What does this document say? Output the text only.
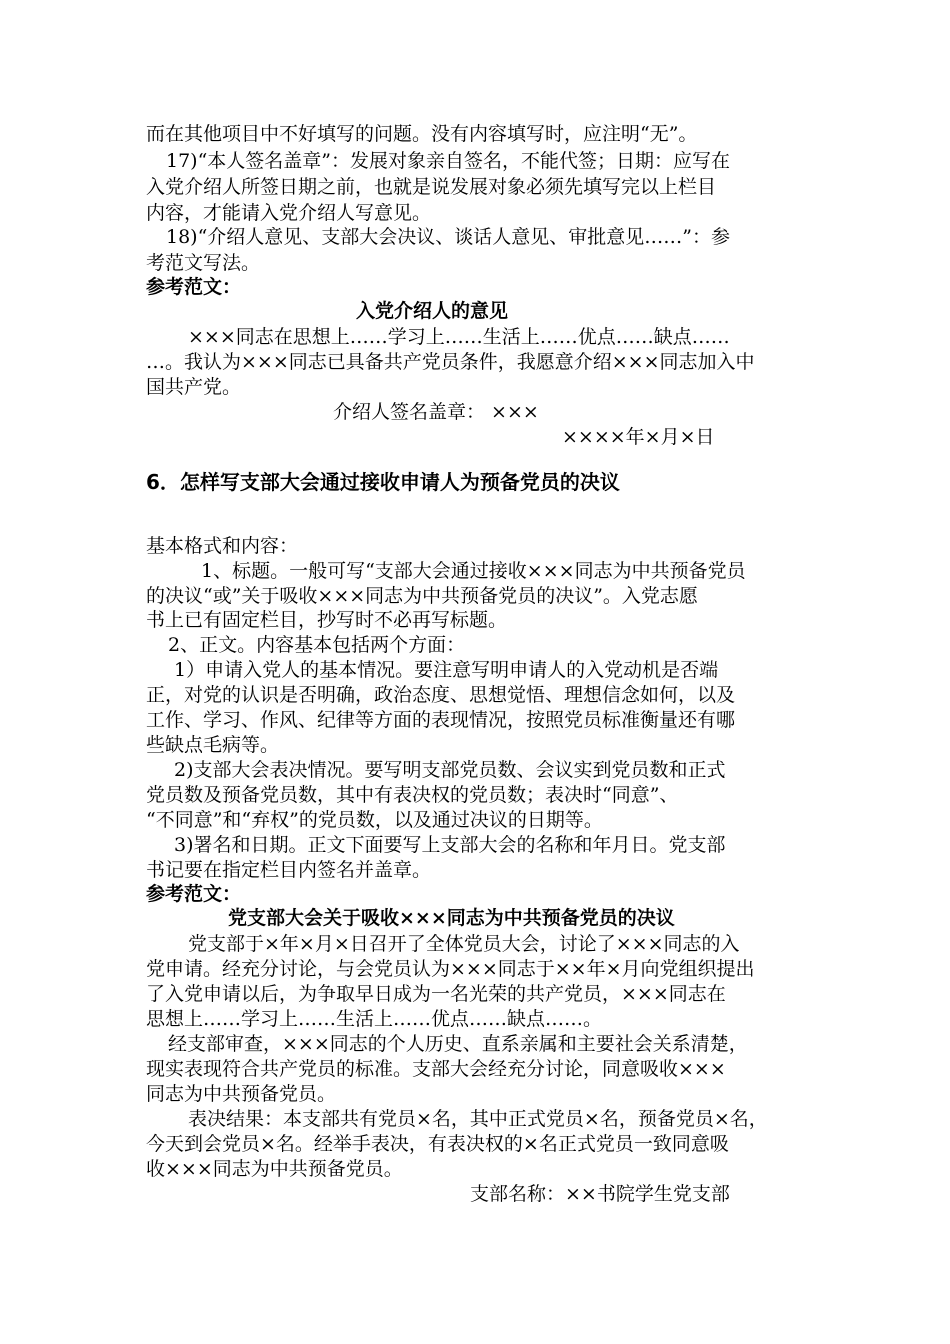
而在其他项目中不好填写的问题。没有内容填写时，应注明“无”。
17)“本人签名盖章”：发展对象亲自签名，不能代签；日期：应写在
入党介绍人所签日期之前，也就是说发展对象必须先填写完以上栏目
内容，才能请入党介绍人写意见。
18)“介绍人意见、支部大会决议、谈话人意见、审批意见……”：参
考范文写法。
参考范文：
入党介绍人的意见
×××同志在思想上……学习上……生活上……优点……缺点……
…。我认为×××同志已具备共产党员条件，我愿意介绍×××同志加入中
国共产党。
介绍人签名盖章： ×××
××××年×月×日
6．怎样写支部大会通过接收申请人为预备党员的决议
基本格式和内容：
1、标题。一般可写“支部大会通过接收×××同志为中共预备党员
的决议“或”关于吸收×××同志为中共预备党员的决议”。入党志愿
书上已有固定栏目，抄写时不必再写标题。
2、正文。内容基本包括两个方面：
1）申请入党人的基本情况。要注意写明申请人的入党动机是否端
正，对党的认识是否明确，政治态度、思想觉悟、理想信念如何，以及
工作、学习、作风、纪律等方面的表现情况，按照党员标准衡量还有哪
些缺点毛病等。
2)支部大会表决情况。要写明支部党员数、会议实到党员数和正式
党员数及预备党员数，其中有表决权的党员数；表决时“同意”、
“不同意”和“弃权”的党员数，以及通过决议的日期等。
3)署名和日期。正文下面要写上支部大会的名称和年月日。党支部
书记要在指定栏目内签名并盖章。
参考范文：
党支部大会关于吸收×××同志为中共预备党员的决议
党支部于×年×月×日召开了全体党员大会，讨论了×××同志的入
党申请。经充分讨论，与会党员认为×××同志于××年×月向党组织提出
了入党申请以后，为争取早日成为一名光荣的共产党员，×××同志在
思想上……学习上……生活上……优点……缺点……。
经支部审查，×××同志的个人历史、直系亲属和主要社会关系清楚，
现实表现符合共产党员的标准。支部大会经充分讨论，同意吸收×××
同志为中共预备党员。
表决结果：本支部共有党员×名，其中正式党员×名，预备党员×名，
今天到会党员×名。经举手表决，有表决权的×名正式党员一致同意吸
收×××同志为中共预备党员。
支部名称：××书院学生党支部
